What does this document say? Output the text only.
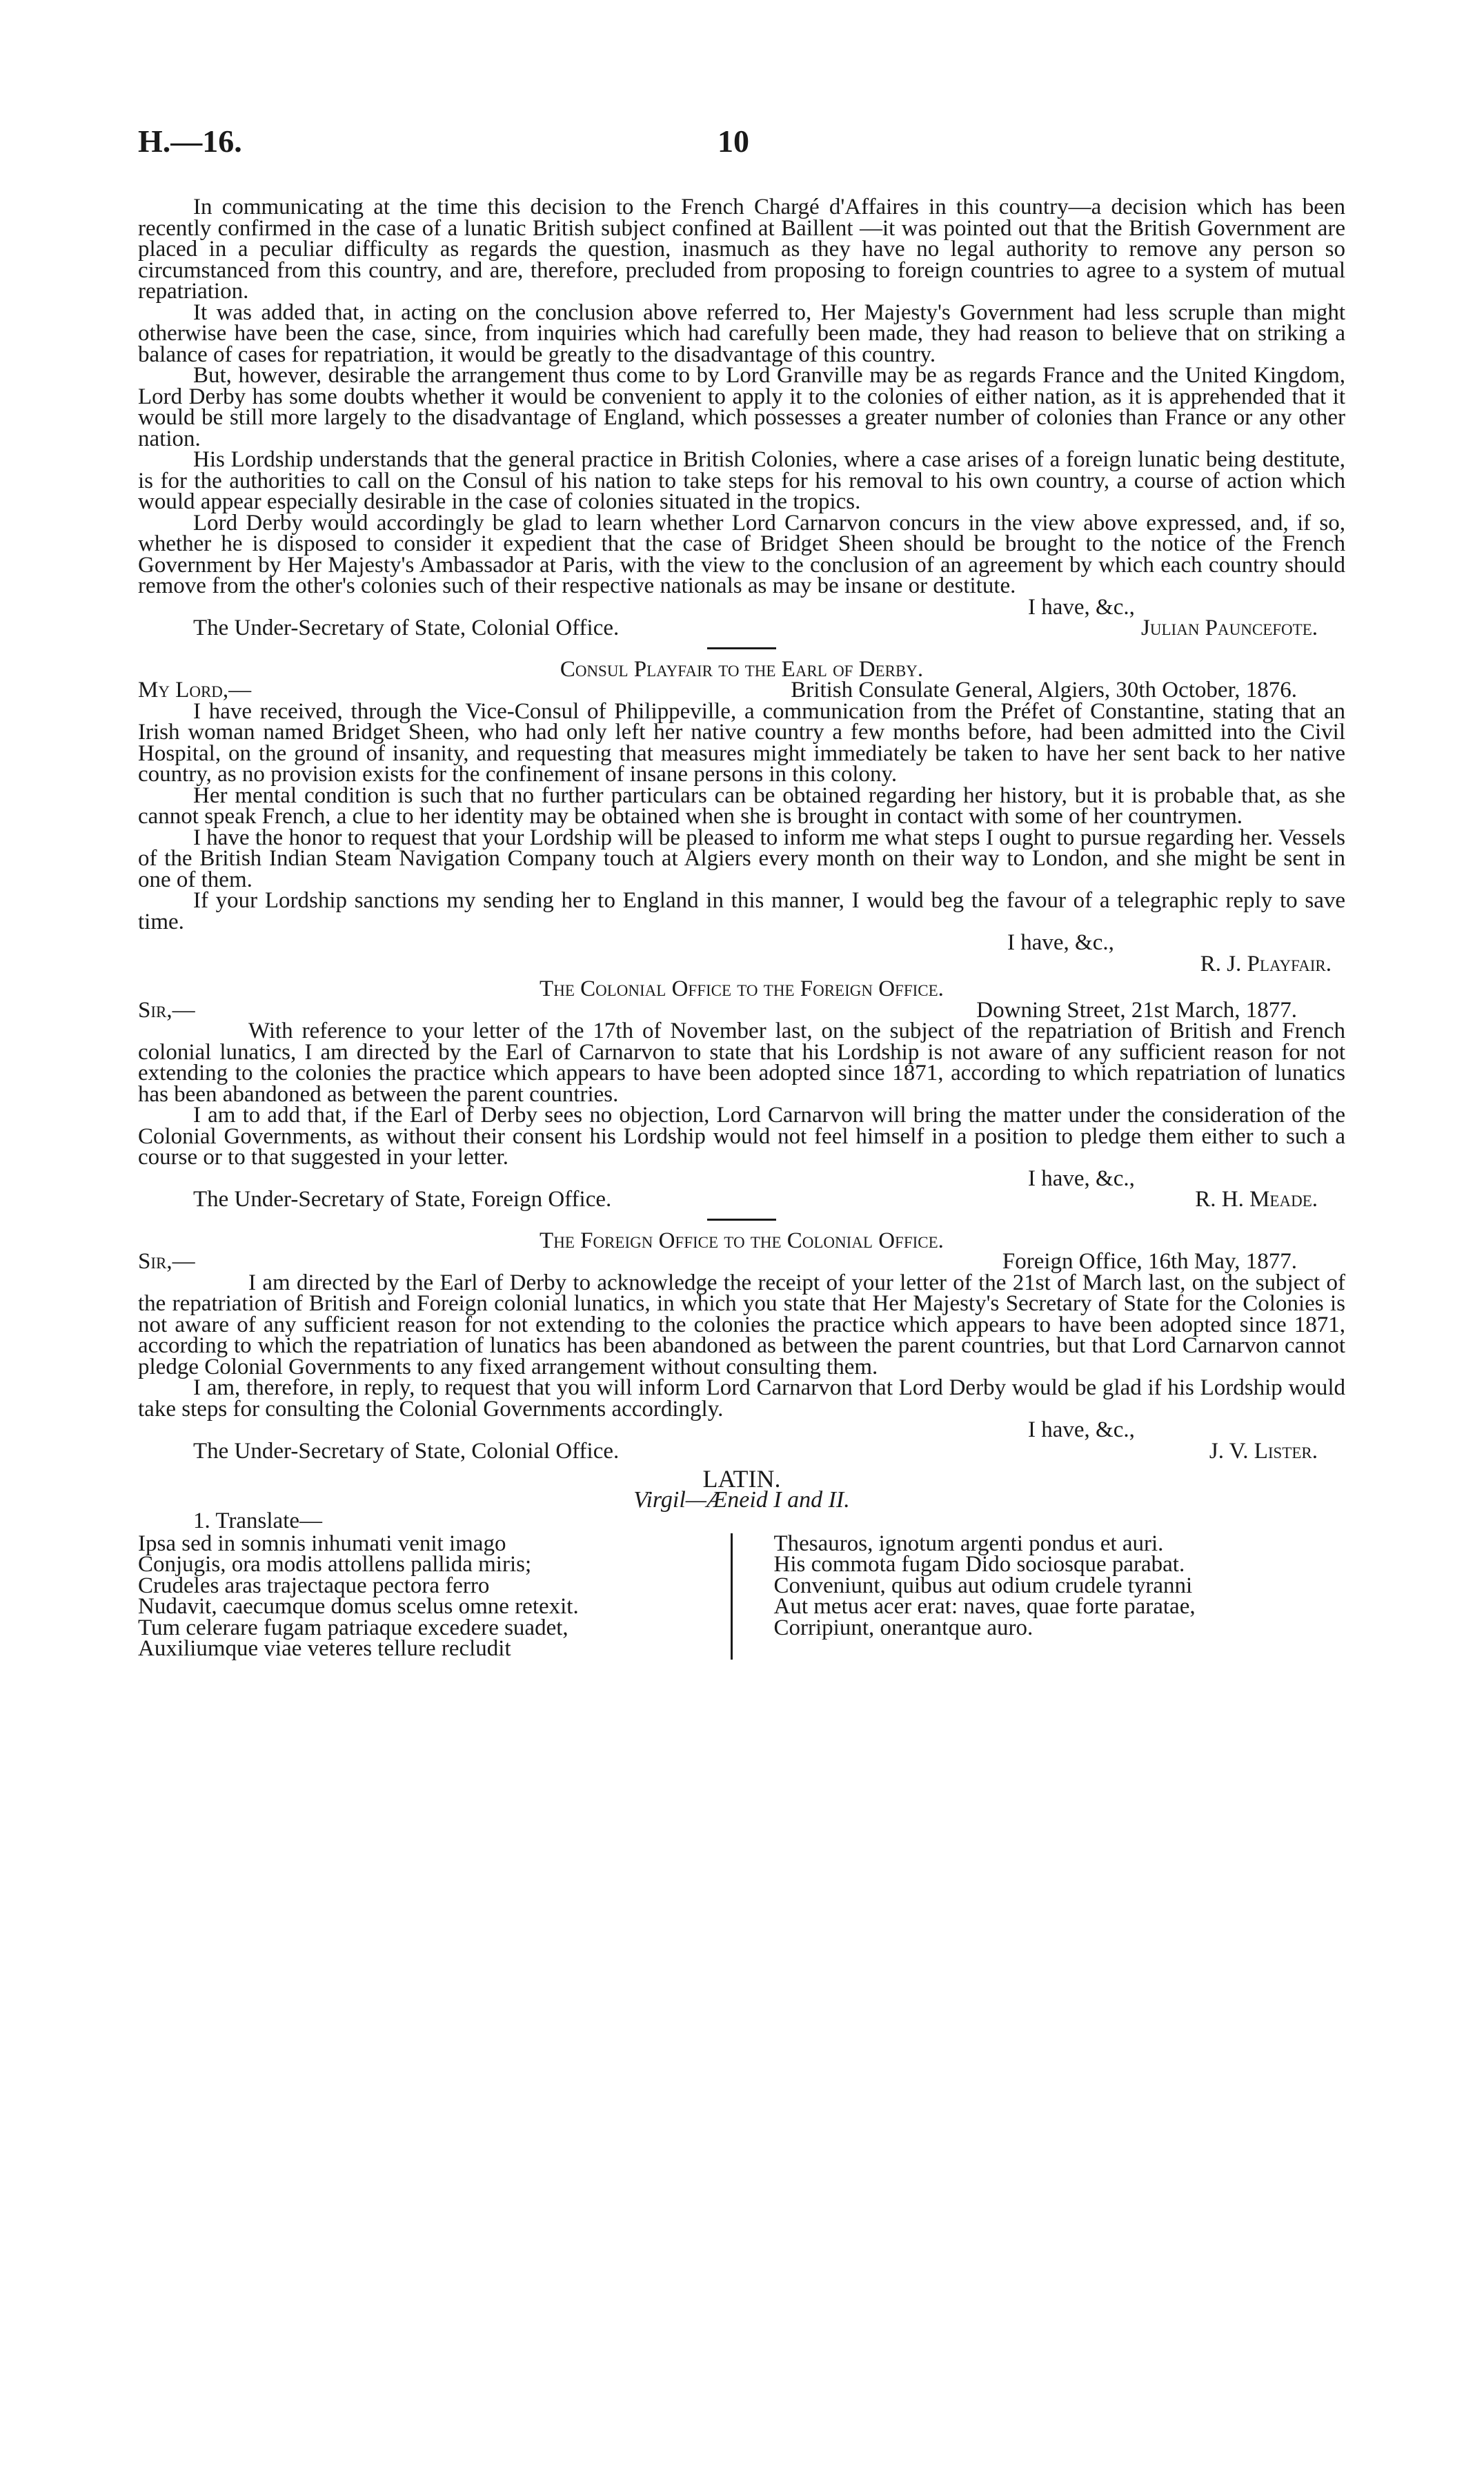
H.—16.	10

In communicating at the time this decision to the French Chargé d'Affaires in this country—a decision which has been recently confirmed in the case of a lunatic British subject confined at Baillent —it was pointed out that the British Government are placed in a peculiar difficulty as regards the question, inasmuch as they have no legal authority to remove any person so circumstanced from this country, and are, therefore, precluded from proposing to foreign countries to agree to a system of mutual repatriation.

It was added that, in acting on the conclusion above referred to, Her Majesty's Government had less scruple than might otherwise have been the case, since, from inquiries which had carefully been made, they had reason to believe that on striking a balance of cases for repatriation, it would be greatly to the disadvantage of this country.

But, however, desirable the arrangement thus come to by Lord Granville may be as regards France and the United Kingdom, Lord Derby has some doubts whether it would be convenient to apply it to the colonies of either nation, as it is apprehended that it would be still more largely to the disadvantage of England, which possesses a greater number of colonies than France or any other nation.

His Lordship understands that the general practice in British Colonies, where a case arises of a foreign lunatic being destitute, is for the authorities to call on the Consul of his nation to take steps for his removal to his own country, a course of action which would appear especially desirable in the case of colonies situated in the tropics.

Lord Derby would accordingly be glad to learn whether Lord Carnarvon concurs in the view above expressed, and, if so, whether he is disposed to consider it expedient that the case of Bridget Sheen should be brought to the notice of the French Government by Her Majesty's Ambassador at Paris, with the view to the conclusion of an agreement by which each country should remove from the other's colonies such of their respective nationals as may be insane or destitute.

I have, &c.,
The Under-Secretary of State, Colonial Office.	Julian Pauncefote.
Consul Playfair to the Earl of Derby.
My Lord,—	British Consulate General, Algiers, 30th October, 1876.

I have received, through the Vice-Consul of Philippeville, a communication from the Préfet of Constantine, stating that an Irish woman named Bridget Sheen, who had only left her native country a few months before, had been admitted into the Civil Hospital, on the ground of insanity, and requesting that measures might immediately be taken to have her sent back to her native country, as no provision exists for the confinement of insane persons in this colony.

Her mental condition is such that no further particulars can be obtained regarding her history, but it is probable that, as she cannot speak French, a clue to her identity may be obtained when she is brought in contact with some of her countrymen.

I have the honor to request that your Lordship will be pleased to inform me what steps I ought to pursue regarding her. Vessels of the British Indian Steam Navigation Company touch at Algiers every month on their way to London, and she might be sent in one of them.

If your Lordship sanctions my sending her to England in this manner, I would beg the favour of a telegraphic reply to save time.

I have, &c.,
R. J. Playfair.
The Colonial Office to the Foreign Office.
Sir,—	Downing Street, 21st March, 1877.

With reference to your letter of the 17th of November last, on the subject of the repatriation of British and French colonial lunatics, I am directed by the Earl of Carnarvon to state that his Lordship is not aware of any sufficient reason for not extending to the colonies the practice which appears to have been adopted since 1871, according to which repatriation of lunatics has been abandoned as between the parent countries.

I am to add that, if the Earl of Derby sees no objection, Lord Carnarvon will bring the matter under the consideration of the Colonial Governments, as without their consent his Lordship would not feel himself in a position to pledge them either to such a course or to that suggested in your letter.

I have, &c.,
The Under-Secretary of State, Foreign Office.	R. H. Meade.
The Foreign Office to the Colonial Office.
Sir,—	Foreign Office, 16th May, 1877.

I am directed by the Earl of Derby to acknowledge the receipt of your letter of the 21st of March last, on the subject of the repatriation of British and Foreign colonial lunatics, in which you state that Her Majesty's Secretary of State for the Colonies is not aware of any sufficient reason for not extending to the colonies the practice which appears to have been adopted since 1871, according to which the repatriation of lunatics has been abandoned as between the parent countries, but that Lord Carnarvon cannot pledge Colonial Governments to any fixed arrangement without consulting them.

I am, therefore, in reply, to request that you will inform Lord Carnarvon that Lord Derby would be glad if his Lordship would take steps for consulting the Colonial Governments accordingly.

I have, &c.,
The Under-Secretary of State, Colonial Office.	J. V. Lister.
LATIN.
Virgil—Æneid I and II.
1. Translate—
Ipsa sed in somnis inhumati venit imago
Conjugis, ora modis attollens pallida miris;
Crudeles aras trajectaque pectora ferro
Nudavit, caecumque domus scelus omne retexit.
Tum celerare fugam patriaque excedere suadet,
Auxiliumque viae veteres tellure recludit
Thesauros, ignotum argenti pondus et auri.
His commota fugam Dido sociosque parabat.
Conveniunt, quibus aut odium crudele tyranni
Aut metus acer erat: naves, quae forte paratae,
Corripiunt, onerantque auro.
